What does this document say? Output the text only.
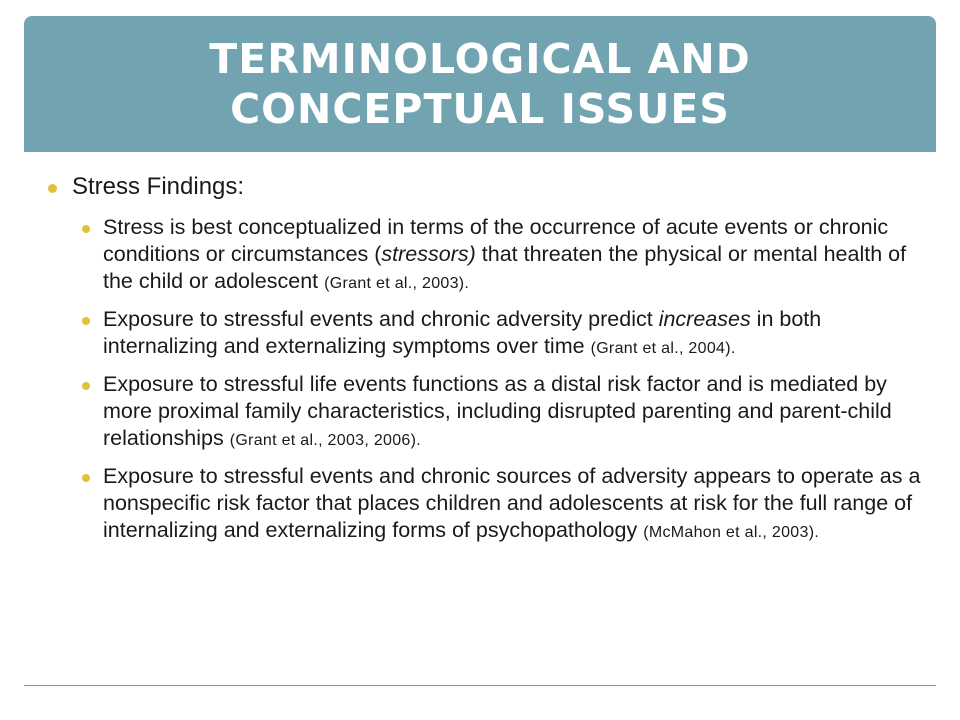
TERMINOLOGICAL AND
CONCEPTUAL ISSUES
Stress Findings:
Stress is best conceptualized in terms of the occurrence of acute events or chronic conditions or circumstances (stressors) that threaten the physical or mental health of the child or adolescent (Grant et al., 2003).
Exposure to stressful events and chronic adversity predict increases in both internalizing and externalizing symptoms over time (Grant et al., 2004).
Exposure to stressful life events functions as a distal risk factor and is mediated by more proximal family characteristics, including disrupted parenting and parent-child relationships (Grant et al., 2003, 2006).
Exposure to stressful events and chronic sources of adversity appears to operate as a nonspecific risk factor that places children and adolescents at risk for the full range of internalizing and externalizing forms of psychopathology (McMahon et al., 2003).
